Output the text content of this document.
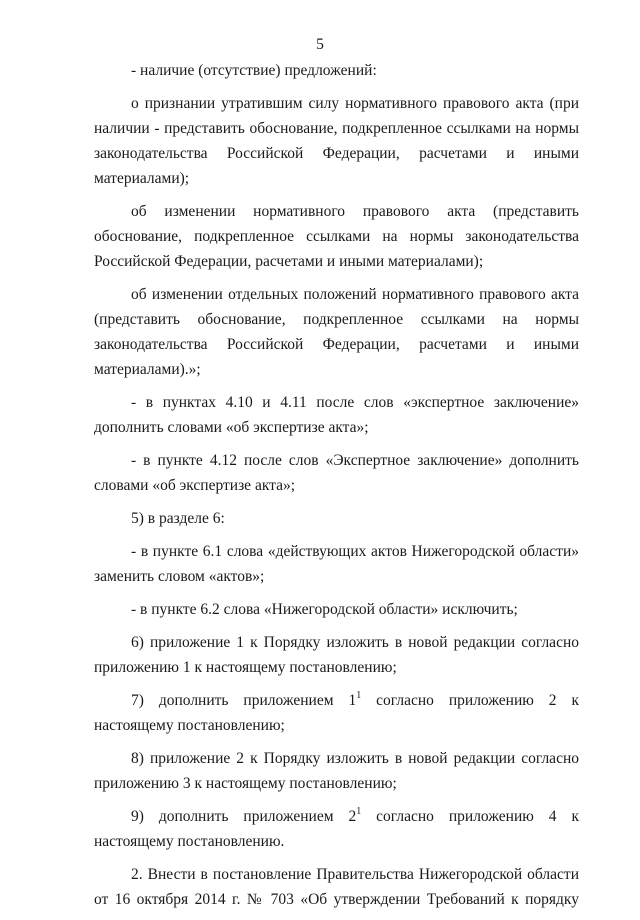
5

- наличие (отсутствие) предложений:

о признании утратившим силу нормативного правового акта (при наличии - представить обоснование, подкрепленное ссылками на нормы законодательства Российской Федерации, расчетами и иными материалами);

об изменении нормативного правового акта (представить обоснование, подкрепленное ссылками на нормы законодательства Российской Федерации, расчетами и иными материалами);

об изменении отдельных положений нормативного правового акта (представить обоснование, подкрепленное ссылками на нормы законодательства Российской Федерации, расчетами и иными материалами).»;

- в пунктах 4.10 и 4.11 после слов «экспертное заключение» дополнить словами «об экспертизе акта»;

- в пункте 4.12 после слов «Экспертное заключение» дополнить словами «об экспертизе акта»;

5) в разделе 6:

- в пункте 6.1 слова «действующих актов Нижегородской области» заменить словом «актов»;

- в пункте 6.2 слова «Нижегородской области» исключить;

6) приложение 1 к Порядку изложить в новой редакции согласно приложению 1 к настоящему постановлению;

7) дополнить приложением $1^1$ согласно приложению 2 к настоящему постановлению;

8) приложение 2 к Порядку изложить в новой редакции согласно приложению 3 к настоящему постановлению;

9) дополнить приложением $2^1$ согласно приложению 4 к настоящему постановлению.

2. Внести в постановление Правительства Нижегородской области от 16 октября 2014 г. № 703 «Об утверждении Требований к порядку
